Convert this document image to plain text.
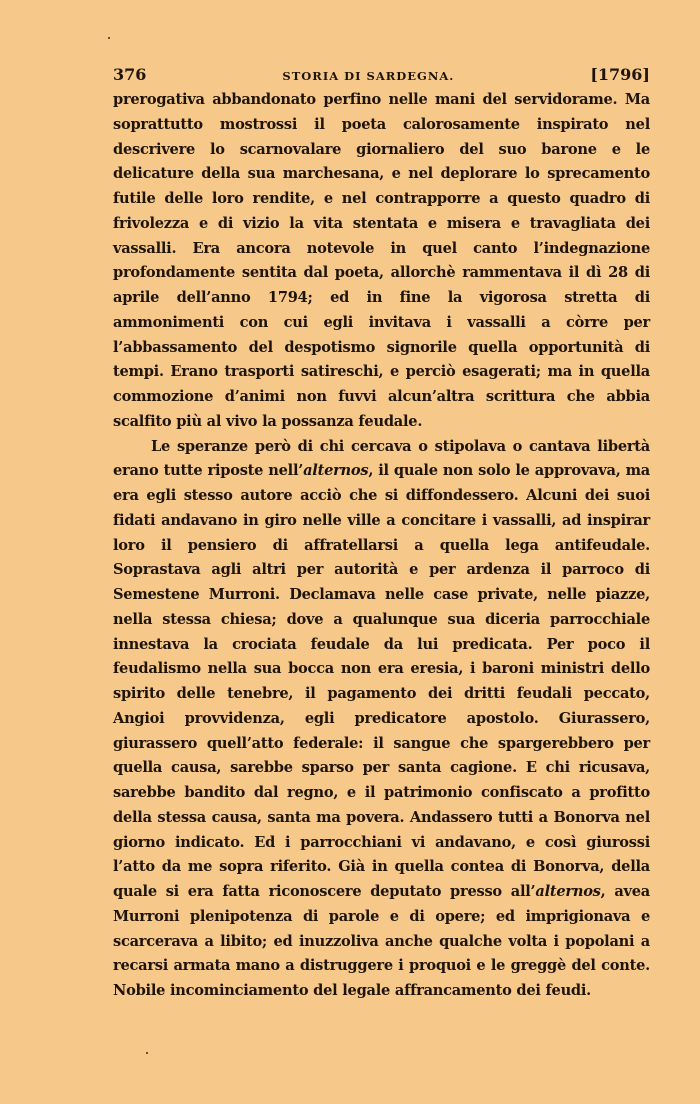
376	STORIA DI SARDEGNA.	[1796]

prerogativa abbandonato perfino nelle mani del servidorame. Ma soprattutto mostrossi il poeta calorosamente inspirato nel descrivere lo scarnovalare giornaliero del suo barone e le delicature della sua marchesana, e nel deplorare lo sprecamento futile delle loro rendite, e nel contrapporre a questo quadro di frivolezza e di vizio la vita stentata e misera e travagliata dei vassalli. Era ancora notevole in quel canto l’indegnazione profondamente sentita dal poeta, allorchè rammentava il dì 28 di aprile dell’anno 1794; ed in fine la vigorosa stretta di ammonimenti con cui egli invitava i vassalli a còrre per l’abbassamento del despotismo signorile quella opportunità di tempi. Erano trasporti satireschi, e perciò esagerati; ma in quella commozione d’animi non fuvvi alcun’altra scrittura che abbia scalfito più al vivo la possanza feudale.

Le speranze però di chi cercava o stipolava o cantava libertà erano tutte riposte nell’alternos, il quale non solo le approvava, ma era egli stesso autore acciò che si diffondessero. Alcuni dei suoi fidati andavano in giro nelle ville a concitare i vassalli, ad inspirar loro il pensiero di affratellarsi a quella lega antifeudale. Soprastava agli altri per autorità e per ardenza il parroco di Semestene Murroni. Declamava nelle case private, nelle piazze, nella stessa chiesa; dove a qualunque sua diceria parrocchiale innestava la crociata feudale da lui predicata. Per poco il feudalismo nella sua bocca non era eresia, i baroni ministri dello spirito delle tenebre, il pagamento dei dritti feudali peccato, Angioi provvidenza, egli predicatore apostolo. Giurassero, giurassero quell’atto federale: il sangue che spargerebbero per quella causa, sarebbe sparso per santa cagione. E chi ricusava, sarebbe bandito dal regno, e il patrimonio confiscato a profitto della stessa causa, santa ma povera. Andassero tutti a Bonorva nel giorno indicato. Ed i parrocchiani vi andavano, e così giurossi l’atto da me sopra riferito. Già in quella contea di Bonorva, della quale si era fatta riconoscere deputato presso all’alternos, avea Murroni plenipotenza di parole e di opere; ed imprigionava e scarcerava a libito; ed inuzzoliva anche qualche volta i popolani a recarsi armata mano a distruggere i proquoi e le greggè del conte. Nobile incominciamento del legale affrancamento dei feudi.
